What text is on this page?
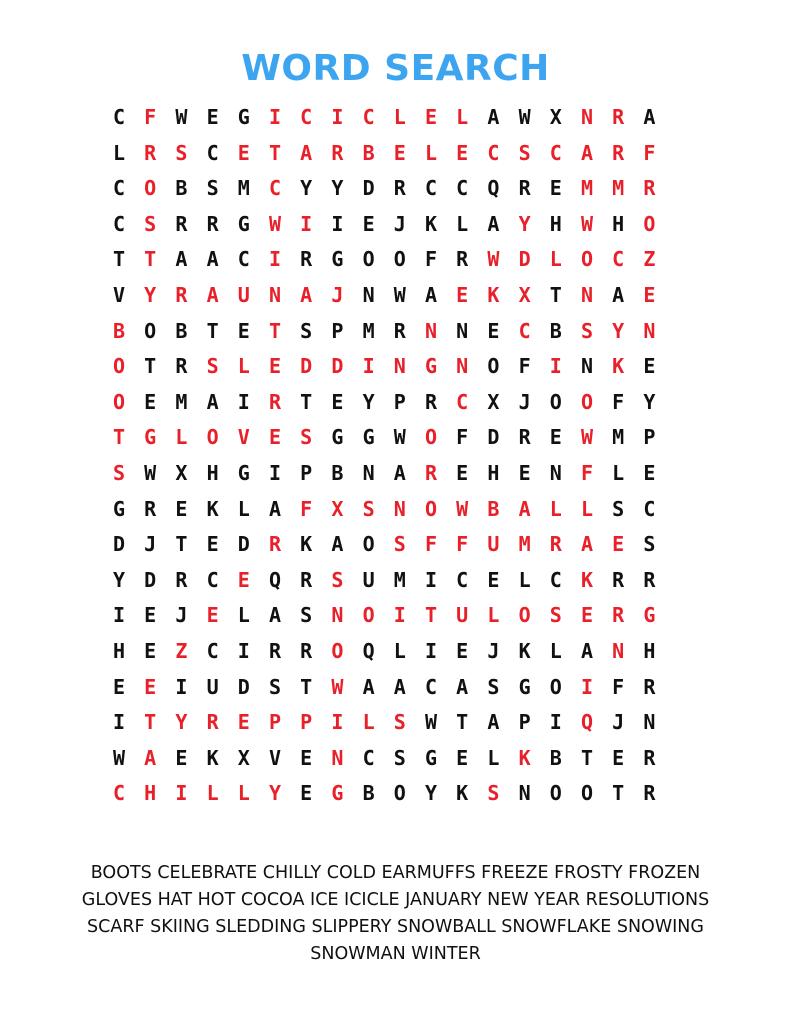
WORD SEARCH
C F W E G I C I C L E L A W X N R A
L R S C E T A R B E L E C S C A R F
C O B S M C Y Y D R C C Q R E M M R
C S R R G W I I E J K L A Y H W H O
T T A A C I R G O O F R W D L O C Z
V Y R A U N A J N W A E K X T N A E
B O B T E T S P M R N N E C B S Y N
O T R S L E D D I N G N O F I N K E
O E M A I R T E Y P R C X J O O F Y
T G L O V E S G G W O F D R E W M P
S W X H G I P B N A R E H E N F L E
G R E K L A F X S N O W B A L L S C
D J T E D R K A O S F F U M R A E S
Y D R C E Q R S U M I C E L C K R R
I E J E L A S N O I T U L O S E R G
H E Z C I R R O Q L I E J K L A N H
E E I U D S T W A A C A S G O I F R
I T Y R E P P I L S W T A P I Q J N
W A E K X V E N C S G E L K B T E R
C H I L L Y E G B O Y K S N O O T R
BOOTS CELEBRATE CHILLY COLD EARMUFFS FREEZE FROSTY FROZEN
GLOVES HAT HOT COCOA ICE ICICLE JANUARY NEW YEAR RESOLUTIONS
SCARF SKIING SLEDDING SLIPPERY SNOWBALL SNOWFLAKE SNOWING
SNOWMAN WINTER
